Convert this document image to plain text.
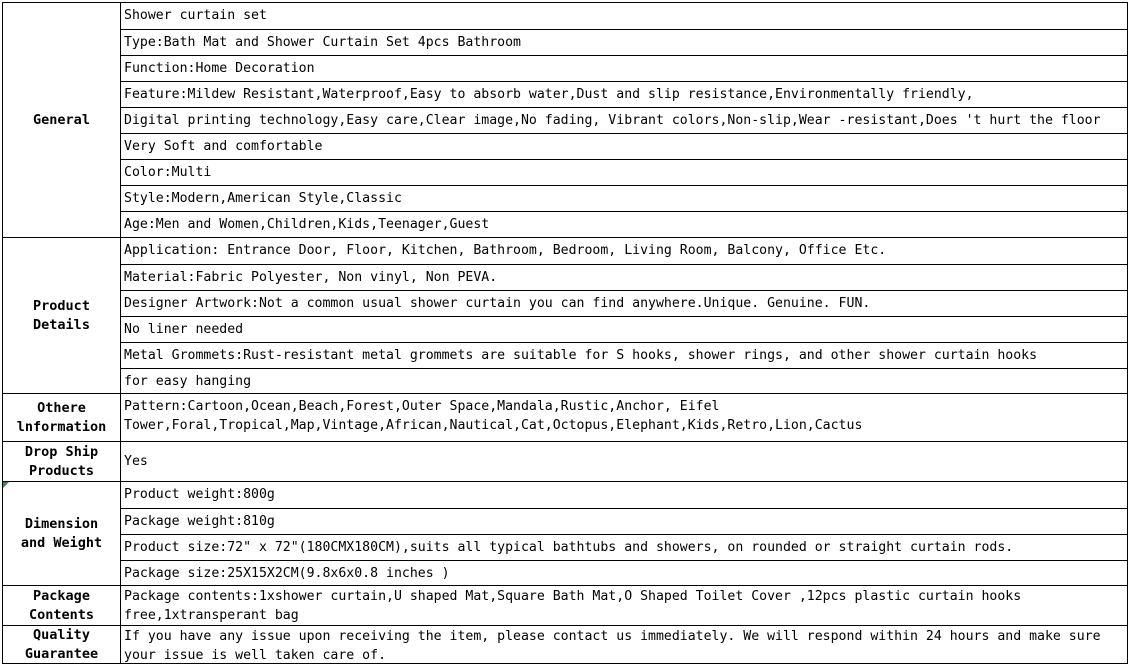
General
Shower curtain set
Type:Bath Mat and Shower Curtain Set 4pcs Bathroom
Function:Home Decoration
Feature:Mildew Resistant,Waterproof,Easy to absorb water,Dust and slip resistance,Environmentally friendly,
Digital printing technology,Easy care,Clear image,No fading, Vibrant colors,Non-slip,Wear -resistant,Does 't hurt the floor
Very Soft and comfortable
Color:Multi
Style:Modern,American Style,Classic
Age:Men and Women,Children,Kids,Teenager,Guest
Product
Details
Application: Entrance Door, Floor, Kitchen, Bathroom, Bedroom, Living Room, Balcony, Office Etc.
Material:Fabric Polyester, Non vinyl, Non PEVA.
Designer Artwork:Not a common usual shower curtain you can find anywhere.Unique. Genuine. FUN.
No liner needed
Metal Grommets:Rust-resistant metal grommets are suitable for S hooks, shower rings, and other shower curtain hooks
for easy hanging
Othere
lnformation
Pattern:Cartoon,Ocean,Beach,Forest,Outer Space,Mandala,Rustic,Anchor, Eifel Tower,Foral,Tropical,Map,Vintage,African,Nautical,Cat,Octopus,Elephant,Kids,Retro,Lion,Cactus
Drop Ship
Products
Yes
Dimension
and Weight
Product weight:800g
Package weight:810g
Product size:72" x 72"(180CMX180CM),suits all typical bathtubs and showers, on rounded or straight curtain rods.
Package size:25X15X2CM(9.8x6x0.8 inches )
Package
Contents
Package contents:1xshower curtain,U shaped Mat,Square Bath Mat,O Shaped Toilet Cover ,12pcs plastic curtain hooks free,1xtransperant bag
Quality
Guarantee
If you have any issue upon receiving the item, please contact us immediately. We will respond within 24 hours and make sure your issue is well taken care of.
